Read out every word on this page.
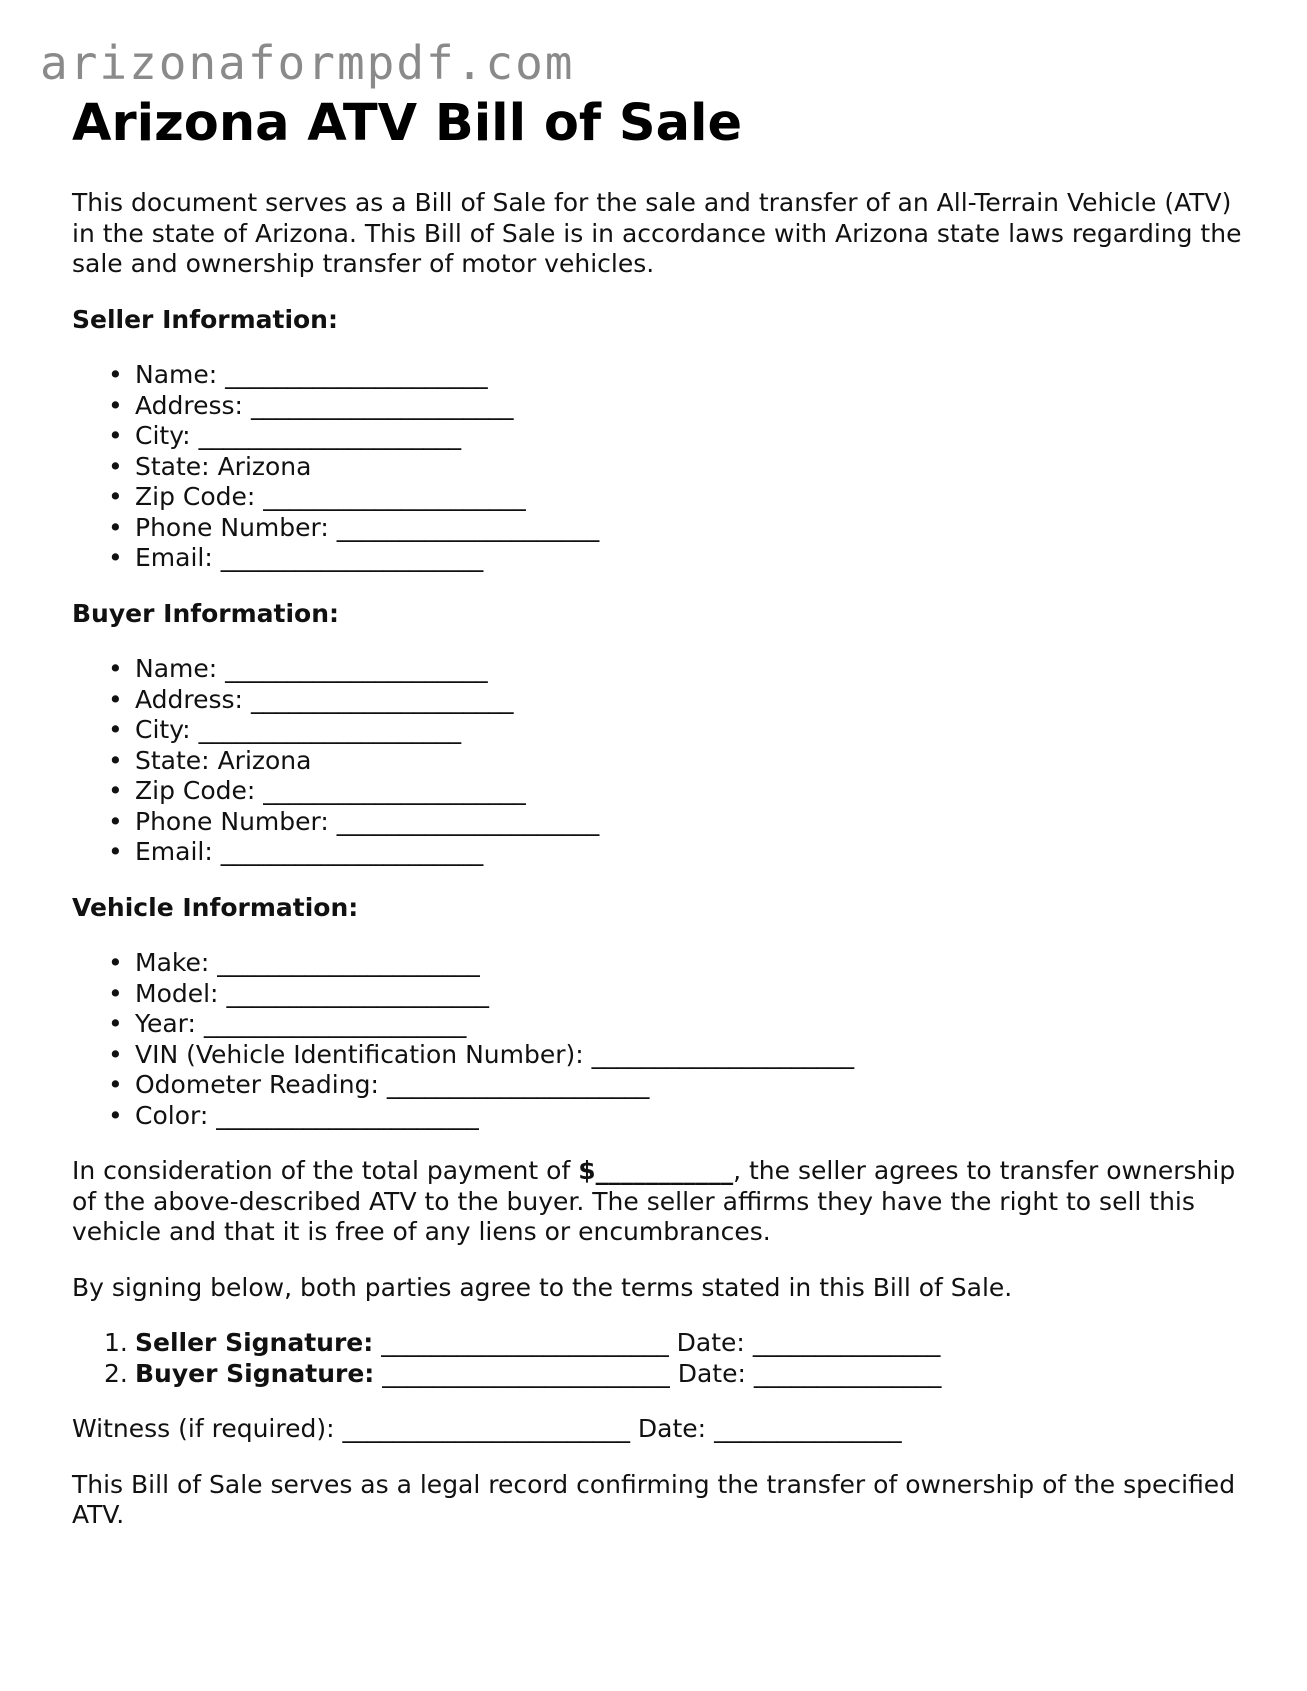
arizonaformpdf.com
Arizona ATV Bill of Sale

This document serves as a Bill of Sale for the sale and transfer of an All-Terrain Vehicle (ATV) in the state of Arizona. This Bill of Sale is in accordance with Arizona state laws regarding the sale and ownership transfer of motor vehicles.

Seller Information:
• Name: _____________________
• Address: _____________________
• City: _____________________
• State: Arizona
• Zip Code: _____________________
• Phone Number: _____________________
• Email: _____________________
Buyer Information:
• Name: _____________________
• Address: _____________________
• City: _____________________
• State: Arizona
• Zip Code: _____________________
• Phone Number: _____________________
• Email: _____________________
Vehicle Information:
• Make: _____________________
• Model: _____________________
• Year: _____________________
• VIN (Vehicle Identification Number): _____________________
• Odometer Reading: _____________________
• Color: _____________________

In consideration of the total payment of $___________, the seller agrees to transfer ownership of the above-described ATV to the buyer. The seller affirms they have the right to sell this vehicle and that it is free of any liens or encumbrances.

By signing below, both parties agree to the terms stated in this Bill of Sale.

1. Seller Signature: _______________________ Date: _______________
2. Buyer Signature: _______________________ Date: _______________

Witness (if required): _______________________ Date: _______________

This Bill of Sale serves as a legal record confirming the transfer of ownership of the specified ATV.
